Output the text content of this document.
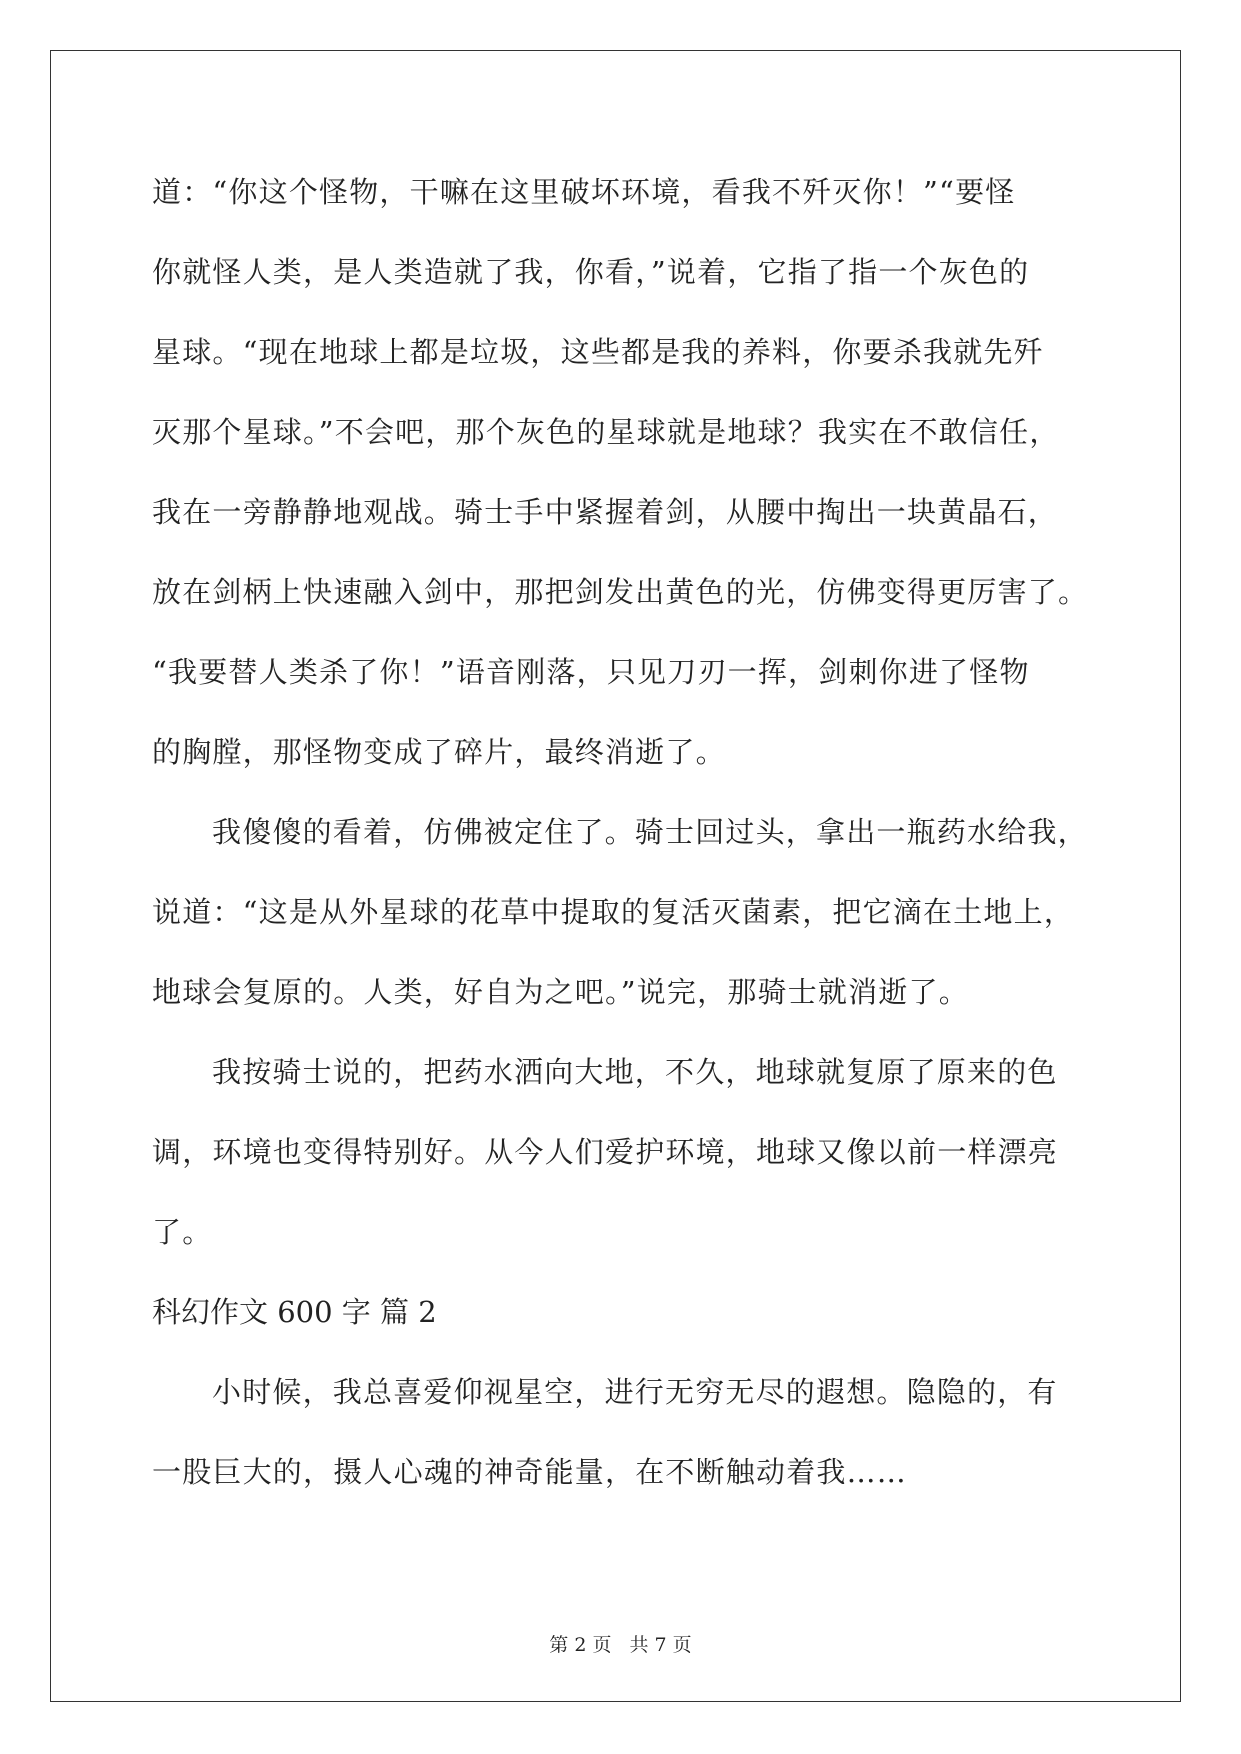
道：“你这个怪物，干嘛在这里破坏环境，看我不歼灭你！”“要怪
你就怪人类，是人类造就了我，你看，”说着，它指了指一个灰色的
星球。“现在地球上都是垃圾，这些都是我的养料，你要杀我就先歼
灭那个星球。”不会吧，那个灰色的星球就是地球？我实在不敢信任，
我在一旁静静地观战。骑士手中紧握着剑，从腰中掏出一块黄晶石，
放在剑柄上快速融入剑中，那把剑发出黄色的光，仿佛变得更厉害了。
“我要替人类杀了你！”语音刚落，只见刀刃一挥，剑刺你进了怪物
的胸膛，那怪物变成了碎片，最终消逝了。
我傻傻的看着，仿佛被定住了。骑士回过头，拿出一瓶药水给我，
说道：“这是从外星球的花草中提取的复活灭菌素，把它滴在土地上，
地球会复原的。人类，好自为之吧。”说完，那骑士就消逝了。
我按骑士说的，把药水洒向大地，不久，地球就复原了原来的色
调，环境也变得特别好。从今人们爱护环境，地球又像以前一样漂亮
了。
科幻作文 600 字 篇 2
小时候，我总喜爱仰视星空，进行无穷无尽的遐想。隐隐的，有
一股巨大的，摄人心魂的神奇能量，在不断触动着我……
第 2 页 共 7 页
